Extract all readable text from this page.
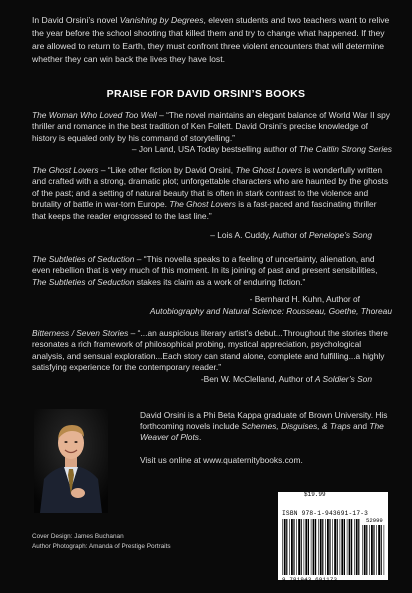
In David Orsini’s novel Vanishing by Degrees, eleven students and two teachers want to relive the year before the school shooting that killed them and try to change what happened. If they are allowed to return to Earth, they must confront three violent encounters that will determine whether they can win back the lives they have lost.
PRAISE FOR DAVID ORSINI’S BOOKS
The Woman Who Loved Too Well – “The novel maintains an elegant balance of World War II spy thriller and romance in the best tradition of Ken Follett. David Orsini’s precise knowledge of history is equaled only by his command of storytelling.”
– Jon Land, USA Today bestselling author of The Caitlin Strong Series
The Ghost Lovers – “Like other fiction by David Orsini, The Ghost Lovers is wonderfully written and crafted with a strong, dramatic plot; unforgettable characters who are haunted by the ghosts of the past; and a setting of natural beauty that is often in stark contrast to the violence and brutality of battle in war-torn Europe. The Ghost Lovers is a fast-paced and fascinating thriller that keeps the reader engrossed to the last line.”
– Lois A. Cuddy, Author of Penelope’s Song
The Subtleties of Seduction – “This novella speaks to a feeling of uncertainty, alienation, and even rebellion that is very much of this moment. In its joining of past and present sensibilities, The Subtleties of Seduction stakes its claim as a work of enduring fiction.”
- Bernhard H. Kuhn, Author of
Autobiography and Natural Science: Rousseau, Goethe, Thoreau
Bitterness / Seven Stories – “...an auspicious literary artist’s debut...Throughout the stories there resonates a rich framework of philosophical probing, mystical appreciation, psychological analysis, and sensual exploration...Each story can stand alone, complete and fulfilling...a highly satisfying experience for the contemporary reader.”
-Ben W. McClelland, Author of A Soldier’s Son
David Orsini is a Phi Beta Kappa graduate of Brown University. His forthcoming novels include Schemes, Disguises, & Traps and The Weaver of Plots.
Visit us online at www.quaternitybooks.com.
Cover Design: James Buchanan
Author Photograph: Amanda of Prestige Portraits
$19.99
ISBN 978-1-943691-17-3
52999
9 781943 691173
